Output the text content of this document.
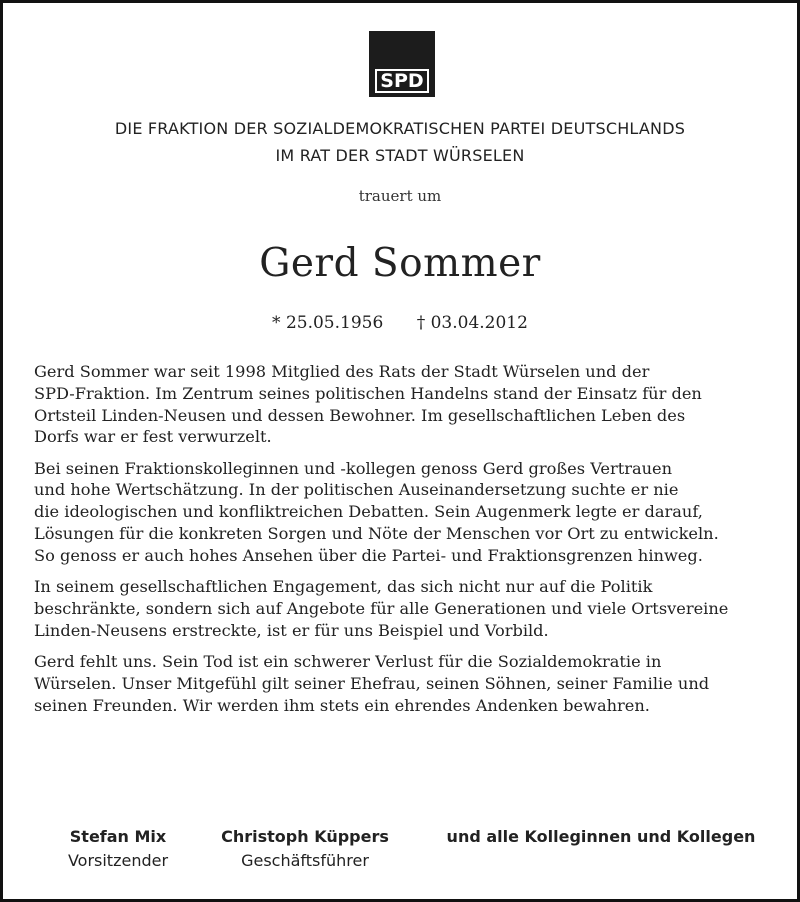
SPD
DIE FRAKTION DER SOZIALDEMOKRATISCHEN PARTEI DEUTSCHLANDS
IM RAT DER STADT WÜRSELEN
trauert um
Gerd Sommer
* 25.05.1956 † 03.04.2012

Gerd Sommer war seit 1998 Mitglied des Rats der Stadt Würselen und der
SPD-Fraktion. Im Zentrum seines politischen Handelns stand der Einsatz für den
Ortsteil Linden-Neusen und dessen Bewohner. Im gesellschaftlichen Leben des
Dorfs war er fest verwurzelt.

Bei seinen Fraktionskolleginnen und -kollegen genoss Gerd großes Vertrauen
und hohe Wertschätzung. In der politischen Auseinandersetzung suchte er nie
die ideologischen und konfliktreichen Debatten. Sein Augenmerk legte er darauf,
Lösungen für die konkreten Sorgen und Nöte der Menschen vor Ort zu entwickeln.
So genoss er auch hohes Ansehen über die Partei- und Fraktionsgrenzen hinweg.

In seinem gesellschaftlichen Engagement, das sich nicht nur auf die Politik
beschränkte, sondern sich auf Angebote für alle Generationen und viele Ortsvereine
Linden-Neusens erstreckte, ist er für uns Beispiel und Vorbild.

Gerd fehlt uns. Sein Tod ist ein schwerer Verlust für die Sozialdemokratie in
Würselen. Unser Mitgefühl gilt seiner Ehefrau, seinen Söhnen, seiner Familie und
seinen Freunden. Wir werden ihm stets ein ehrendes Andenken bewahren.

Stefan Mix
Vorsitzender
Christoph Küppers
Geschäftsführer
und alle Kolleginnen und Kollegen
